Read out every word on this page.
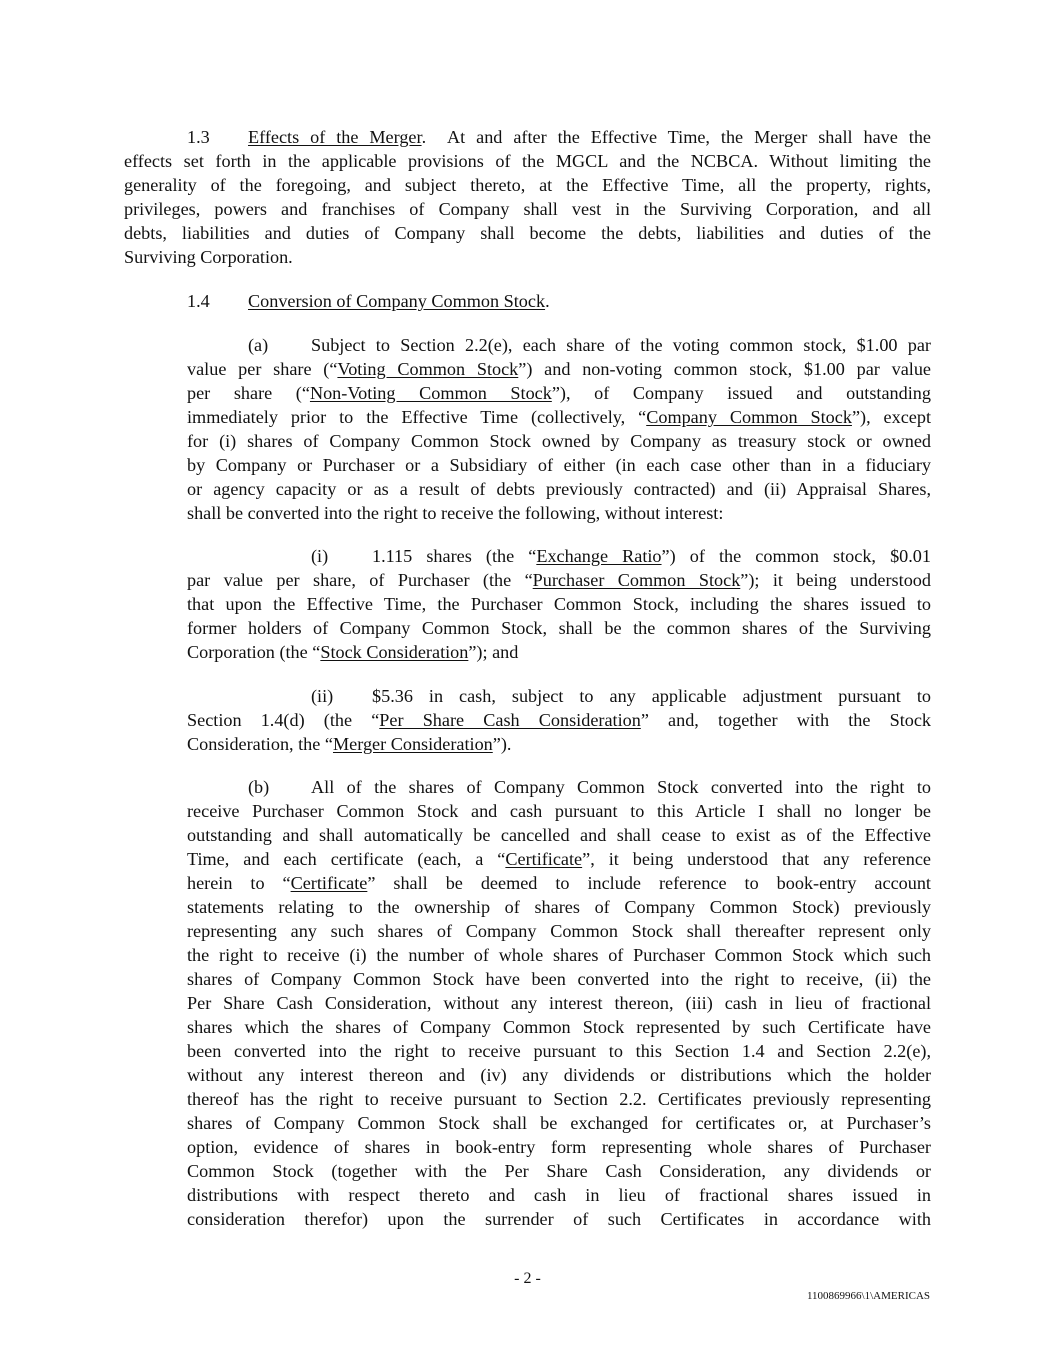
1.3 Effects of the Merger.  At and after the Effective Time, the Merger shall have the
effects set forth in the applicable provisions of the MGCL and the NCBCA. Without limiting the
generality of the foregoing, and subject thereto, at the Effective Time, all the property, rights,
privileges, powers and franchises of Company shall vest in the Surviving Corporation, and all
debts, liabilities and duties of Company shall become the debts, liabilities and duties of the
Surviving Corporation.
1.4 Conversion of Company Common Stock.
(a) Subject to Section 2.2(e), each share of the voting common stock, $1.00 par
value per share (“Voting Common Stock”) and non-voting common stock, $1.00 par value
per share (“Non-Voting Common Stock”), of Company issued and outstanding
immediately prior to the Effective Time (collectively, “Company Common Stock”), except
for (i) shares of Company Common Stock owned by Company as treasury stock or owned
by Company or Purchaser or a Subsidiary of either (in each case other than in a fiduciary
or agency capacity or as a result of debts previously contracted) and (ii) Appraisal Shares,
shall be converted into the right to receive the following, without interest:
(i) 1.115 shares (the “Exchange Ratio”) of the common stock, $0.01
par value per share, of Purchaser (the “Purchaser Common Stock”); it being understood
that upon the Effective Time, the Purchaser Common Stock, including the shares issued to
former holders of Company Common Stock, shall be the common shares of the Surviving
Corporation (the “Stock Consideration”); and
(ii) $5.36 in cash, subject to any applicable adjustment pursuant to
Section 1.4(d) (the “Per Share Cash Consideration” and, together with the Stock
Consideration, the “Merger Consideration”).
(b) All of the shares of Company Common Stock converted into the right to
receive Purchaser Common Stock and cash pursuant to this Article I shall no longer be
outstanding and shall automatically be cancelled and shall cease to exist as of the Effective
Time, and each certificate (each, a “Certificate”, it being understood that any reference
herein to “Certificate” shall be deemed to include reference to book-entry account
statements relating to the ownership of shares of Company Common Stock) previously
representing any such shares of Company Common Stock shall thereafter represent only
the right to receive (i) the number of whole shares of Purchaser Common Stock which such
shares of Company Common Stock have been converted into the right to receive, (ii) the
Per Share Cash Consideration, without any interest thereon, (iii) cash in lieu of fractional
shares which the shares of Company Common Stock represented by such Certificate have
been converted into the right to receive pursuant to this Section 1.4 and Section 2.2(e),
without any interest thereon and (iv) any dividends or distributions which the holder
thereof has the right to receive pursuant to Section 2.2. Certificates previously representing
shares of Company Common Stock shall be exchanged for certificates or, at Purchaser’s
option, evidence of shares in book-entry form representing whole shares of Purchaser
Common Stock (together with the Per Share Cash Consideration, any dividends or
distributions with respect thereto and cash in lieu of fractional shares issued in
consideration therefor) upon the surrender of such Certificates in accordance with
- 2 -
1100869966\1\AMERICAS
